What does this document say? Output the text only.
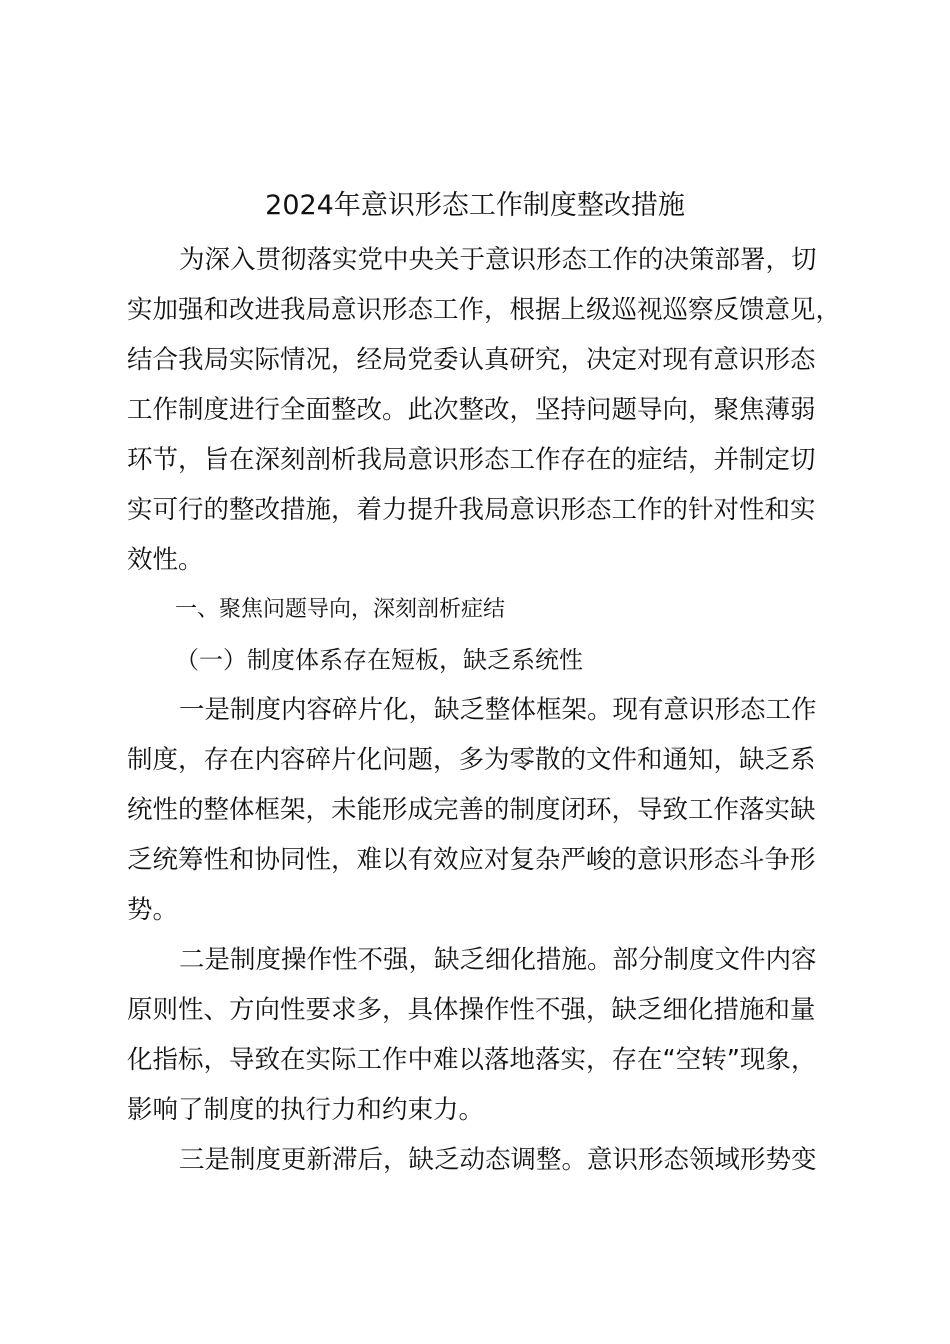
2024年意识形态工作制度整改措施
为深入贯彻落实党中央关于意识形态工作的决策部署，切
实加强和改进我局意识形态工作，根据上级巡视巡察反馈意见，
结合我局实际情况，经局党委认真研究，决定对现有意识形态
工作制度进行全面整改。此次整改，坚持问题导向，聚焦薄弱
环节，旨在深刻剖析我局意识形态工作存在的症结，并制定切
实可行的整改措施，着力提升我局意识形态工作的针对性和实
效性。

一、聚焦问题导向，深刻剖析症结

（一）制度体系存在短板，缺乏系统性

一是制度内容碎片化，缺乏整体框架。现有意识形态工作
制度，存在内容碎片化问题，多为零散的文件和通知，缺乏系
统性的整体框架，未能形成完善的制度闭环，导致工作落实缺
乏统筹性和协同性，难以有效应对复杂严峻的意识形态斗争形
势。
二是制度操作性不强，缺乏细化措施。部分制度文件内容
原则性、方向性要求多，具体操作性不强，缺乏细化措施和量
化指标，导致在实际工作中难以落地落实，存在“空转”现象，
影响了制度的执行力和约束力。
三是制度更新滞后，缺乏动态调整。意识形态领域形势变
